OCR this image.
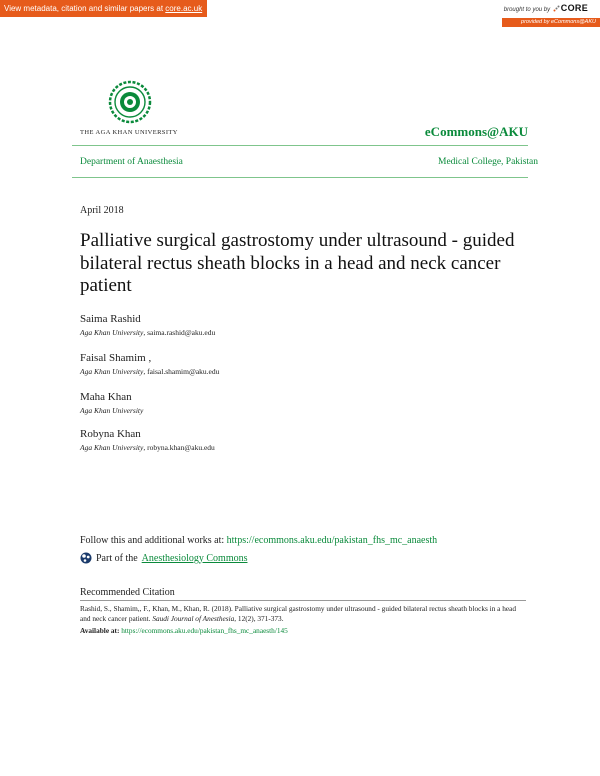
View metadata, citation and similar papers at core.ac.uk	brought to you by CORE
provided by eCommons@AKU
THE AGA KHAN UNIVERSITY	eCommons@AKU
Department of Anaesthesia	Medical College, Pakistan
April 2018
Palliative surgical gastrostomy under ultrasound - guided bilateral rectus sheath blocks in a head and neck cancer patient
Saima Rashid
Aga Khan University, saima.rashid@aku.edu
Faisal Shamim ,
Aga Khan University, faisal.shamim@aku.edu
Maha Khan
Aga Khan University
Robyna Khan
Aga Khan University, robyna.khan@aku.edu
Follow this and additional works at: https://ecommons.aku.edu/pakistan_fhs_mc_anaesth
Part of the Anesthesiology Commons
Recommended Citation
Rashid, S., Shamim,, F., Khan, M., Khan, R. (2018). Palliative surgical gastrostomy under ultrasound - guided bilateral rectus sheath blocks in a head and neck cancer patient. Saudi Journal of Anesthesia, 12(2), 371-373.
Available at: https://ecommons.aku.edu/pakistan_fhs_mc_anaesth/145
